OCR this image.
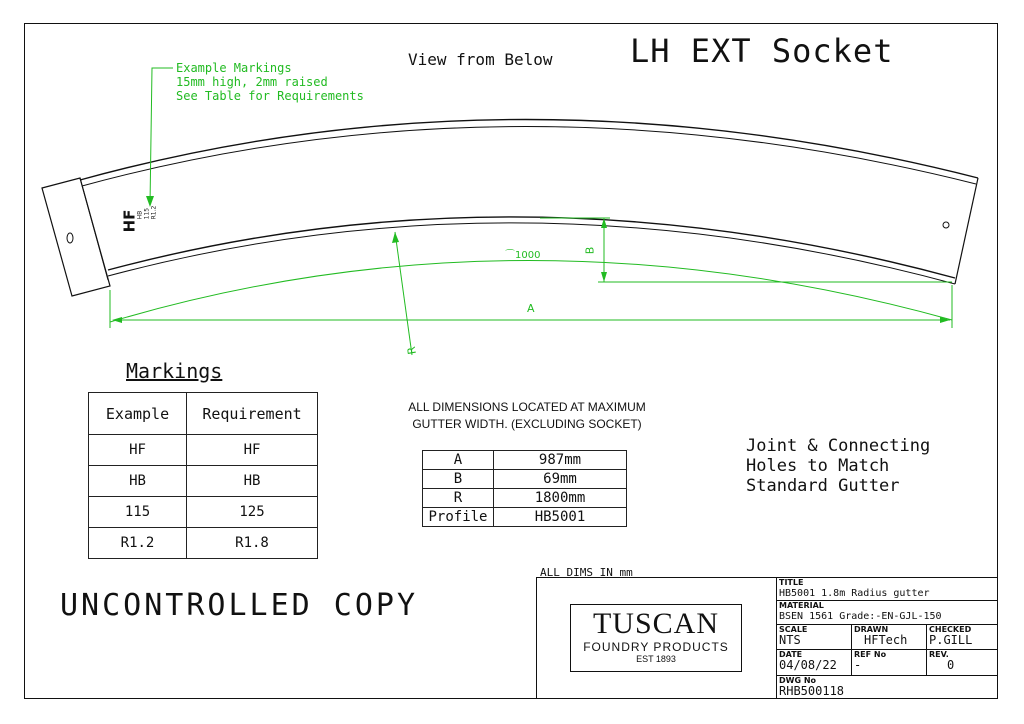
Example Markings
15mm high, 2mm raised
See Table for Requirements
⌒1000
A
B
R
HF
HB 115 R1.2
View from Below LH EXT Socket
Markings
Example	Requirement
HF	HF
HB	HB
115	125
R1.2	R1.8
ALL DIMENSIONS LOCATED AT MAXIMUM
GUTTER WIDTH. (EXCLUDING SOCKET)
A	987mm
B	69mm
R	1800mm
Profile	HB5001
Joint & Connecting
Holes to Match
Standard Gutter
UNCONTROLLED COPY
ALL DIMS IN mm
TUSCAN
FOUNDRY PRODUCTS
EST 1893
TITLE
HB5001 1.8m Radius gutter
MATERIAL
BSEN 1561 Grade:-EN-GJL-150
SCALE
NTS
DRAWN
HFTech
CHECKED
P.GILL
DATE
04/08/22
REF No
-
REV.
0
DWG No
RHB500118
